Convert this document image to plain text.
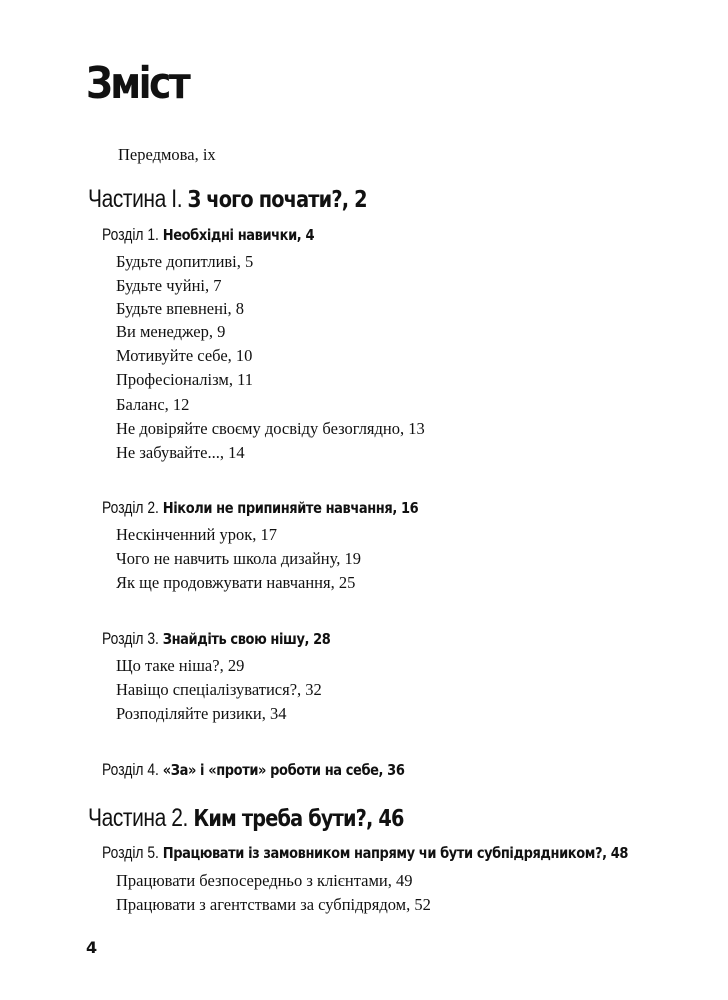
Зміст
Передмова, ix
Частина I. З чого почати?, 2
Розділ 1. Необхідні навички, 4
Будьте допитливі, 5
Будьте чуйні, 7
Будьте впевнені, 8
Ви менеджер, 9
Мотивуйте себе, 10
Професіоналізм, 11
Баланс, 12
Не довіряйте своєму досвіду безоглядно, 13
Не забувайте..., 14
Розділ 2. Ніколи не припиняйте навчання, 16
Нескінченний урок, 17
Чого не навчить школа дизайну, 19
Як ще продовжувати навчання, 25
Розділ 3. Знайдіть свою нішу, 28
Що таке ніша?, 29
Навіщо спеціалізуватися?, 32
Розподіляйте ризики, 34
Розділ 4. «За» і «проти» роботи на себе, 36
Частина 2. Ким треба бути?, 46
Розділ 5. Працювати із замовником напряму чи бути субпідрядником?, 48
Працювати безпосередньо з клієнтами, 49
Працювати з агентствами за субпідрядом, 52
4
